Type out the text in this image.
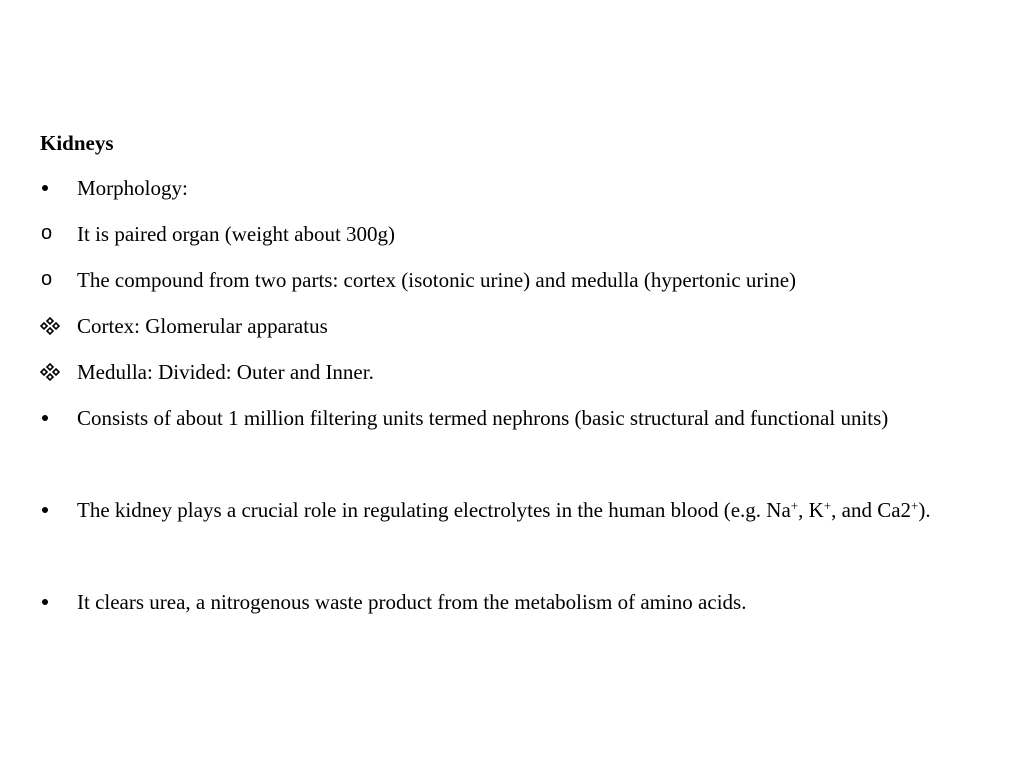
Kidneys
Morphology:
o	It is paired organ (weight about 300g)
o	The compound from two parts: cortex (isotonic urine) and medulla (hypertonic urine)
Cortex: Glomerular apparatus
Medulla: Divided: Outer and Inner.
Consists of about 1 million filtering units termed nephrons (basic structural and functional units)
The kidney plays a crucial role in regulating electrolytes in the human blood (e.g. Na+, K+, and Ca2+).
It clears urea, a nitrogenous waste product from the metabolism of amino acids.
